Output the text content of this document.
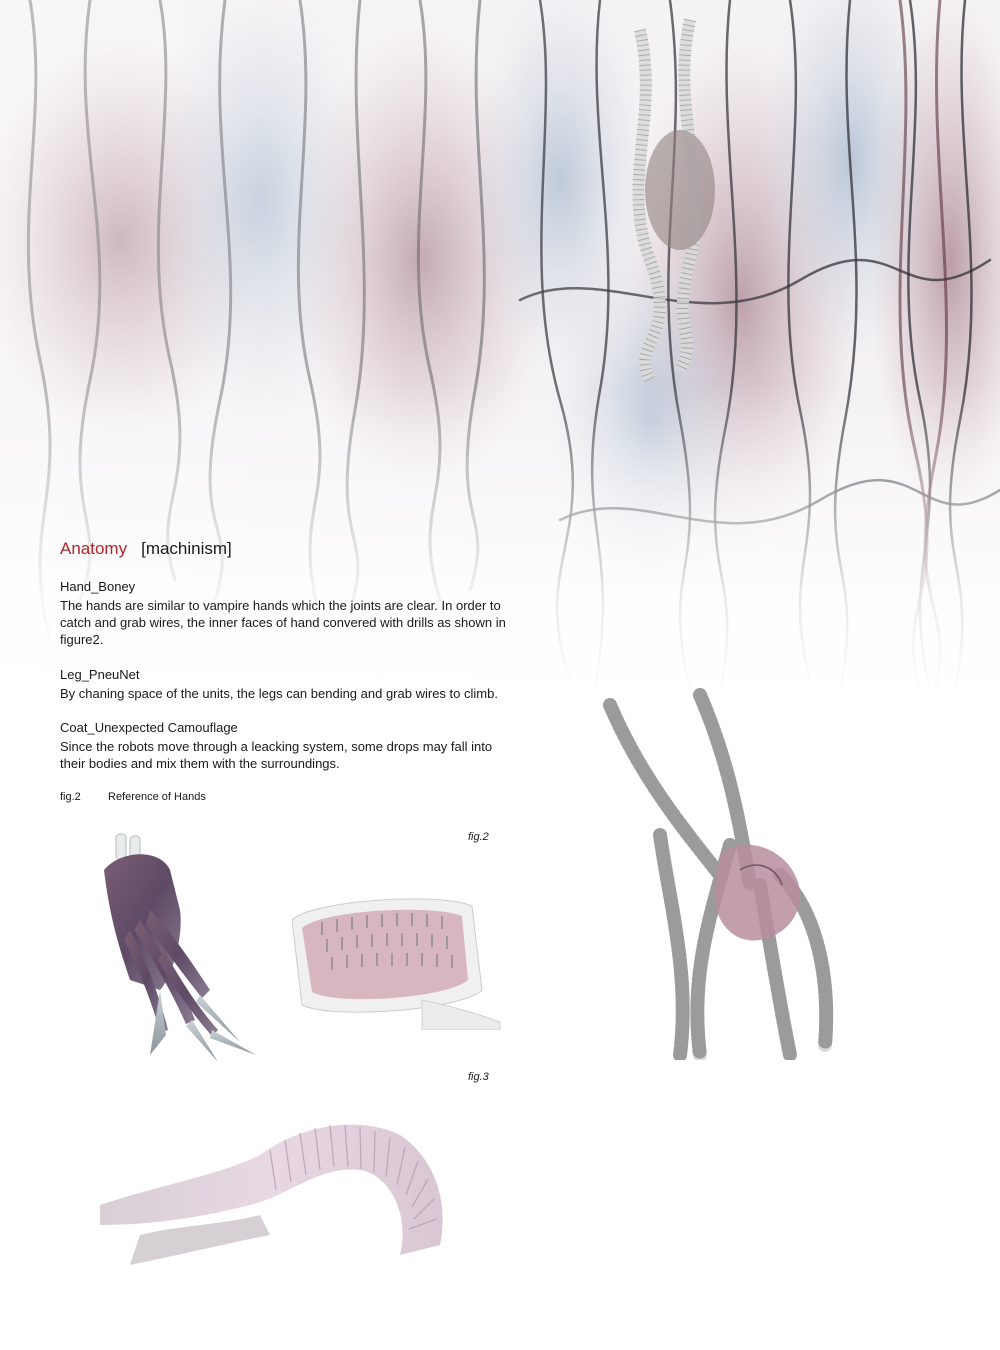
Anatomy [machinism]
Hand_Boney

The hands are similar to vampire hands which the joints are clear. In order to catch and grab wires, the inner faces of hand convered with drills as shown in figure2.

Leg_PneuNet

By chaning space of the units, the legs can bending and grab wires to climb.

Coat_Unexpected Camouflage

Since the robots move through a leacking system, some drops may fall into their bodies and mix them with the surroundings.

fig.2 Reference of Hands
fig.2
fig.3
